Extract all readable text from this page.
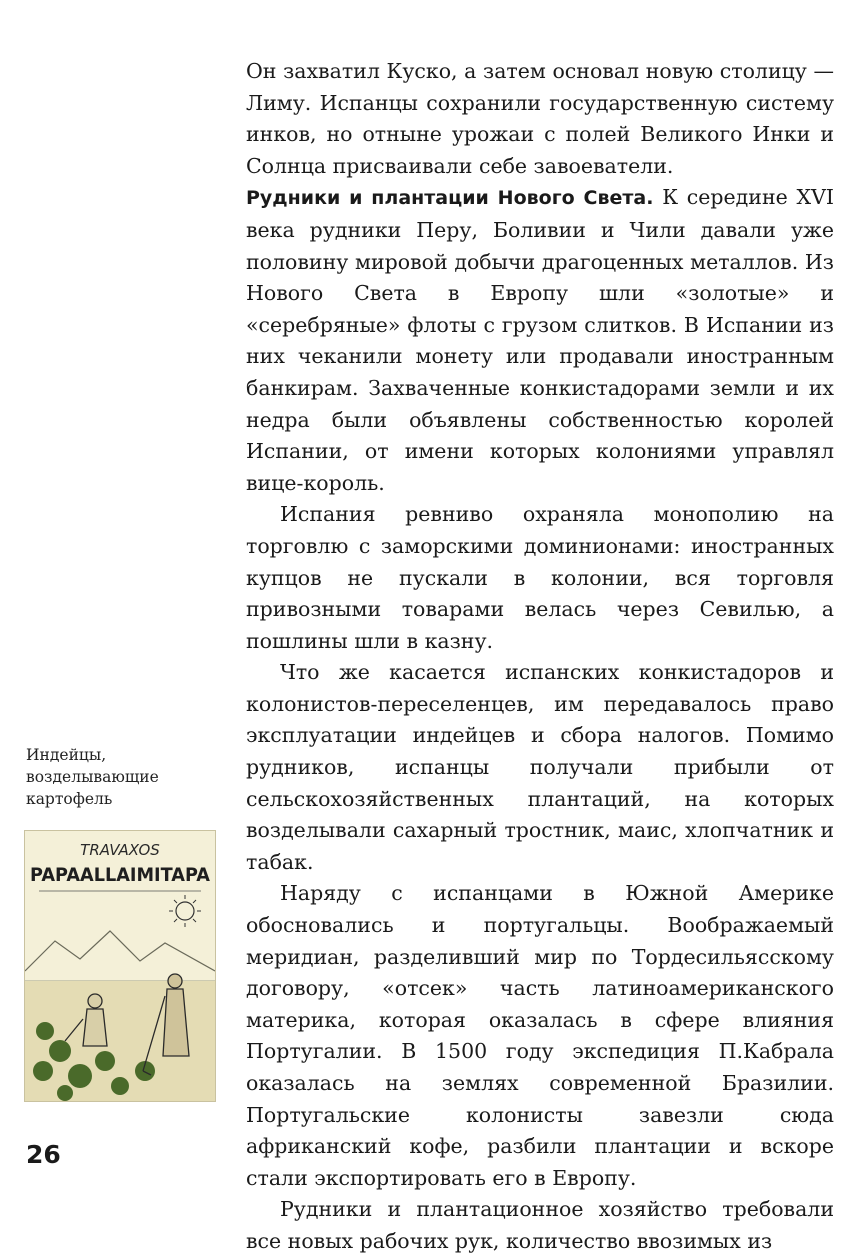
Он захватил Куско, а затем основал новую столицу — Лиму. Испанцы сохранили государственную систему инков, но отныне урожаи с полей Великого Инки и Солнца присваивали себе завоеватели.

Рудники и плантации Нового Света. К середине XVI века рудники Перу, Боливии и Чили давали уже половину мировой добычи драгоценных металлов. Из Нового Света в Европу шли «золотые» и «серебряные» флоты с грузом слитков. В Испании из них чеканили монету или продавали иностранным банкирам. Захваченные конкистадорами земли и их недра были объявлены собственностью королей Испании, от имени которых колониями управлял вице-король.

Испания ревниво охраняла монополию на торговлю с заморскими доминионами: иностранных купцов не пускали в колонии, вся торговля привозными товарами велась через Севилью, а пошлины шли в казну.

Что же касается испанских конкистадоров и колонистов-переселенцев, им передавалось право эксплуатации индейцев и сбора налогов. Помимо рудников, испанцы получали прибыли от сельскохозяйственных плантаций, на которых возделывали сахарный тростник, маис, хлопчатник и табак.

Наряду с испанцами в Южной Америке обосновались и португальцы. Воображаемый меридиан, разделивший мир по Тордесильясскому договору, «отсек» часть латиноамериканского материка, которая оказалась в сфере влияния Португалии. В 1500 году экспедиция П.Кабрала оказалась на землях современной Бразилии. Португальские колонисты завезли сюда африканский кофе, разбили плантации и вскоре стали экспортировать его в Европу.

Рудники и плантационное хозяйство требовали все новых рабочих рук, количество ввозимых из

Индейцы,
возделывающие
картофель
TRAVAXOS
PAPAALLAIMITAPA
26
